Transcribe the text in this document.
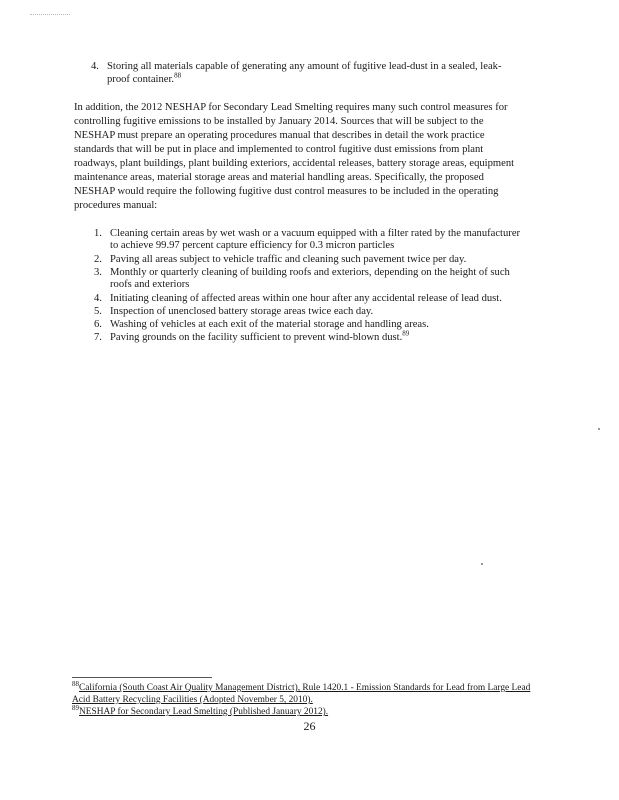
4. Storing all materials capable of generating any amount of fugitive lead-dust in a sealed, leak-
proof container.$^{88}$
In addition, the 2012 NESHAP for Secondary Lead Smelting requires many such control measures for
controlling fugitive emissions to be installed by January 2014. Sources that will be subject to the
NESHAP must prepare an operating procedures manual that describes in detail the work practice
standards that will be put in place and implemented to control fugitive dust emissions from plant
roadways, plant buildings, plant building exteriors, accidental releases, battery storage areas, equipment
maintenance areas, material storage areas and material handling areas. Specifically, the proposed
NESHAP would require the following fugitive dust control measures to be included in the operating
procedures manual:
1. Cleaning certain areas by wet wash or a vacuum equipped with a filter rated by the manufacturer
to achieve 99.97 percent capture efficiency for 0.3 micron particles
2. Paving all areas subject to vehicle traffic and cleaning such pavement twice per day.
3. Monthly or quarterly cleaning of building roofs and exteriors, depending on the height of such
roofs and exteriors
4. Initiating cleaning of affected areas within one hour after any accidental release of lead dust.
5. Inspection of unenclosed battery storage areas twice each day.
6. Washing of vehicles at each exit of the material storage and handling areas.
7. Paving grounds on the facility sufficient to prevent wind-blown dust.$^{89}$
$^{88}$California (South Coast Air Quality Management District), Rule 1420.1 - Emission Standards for Lead from Large Lead
Acid Battery Recycling Facilities (Adopted November 5, 2010).
$^{89}$NESHAP for Secondary Lead Smelting (Published January 2012).
26
